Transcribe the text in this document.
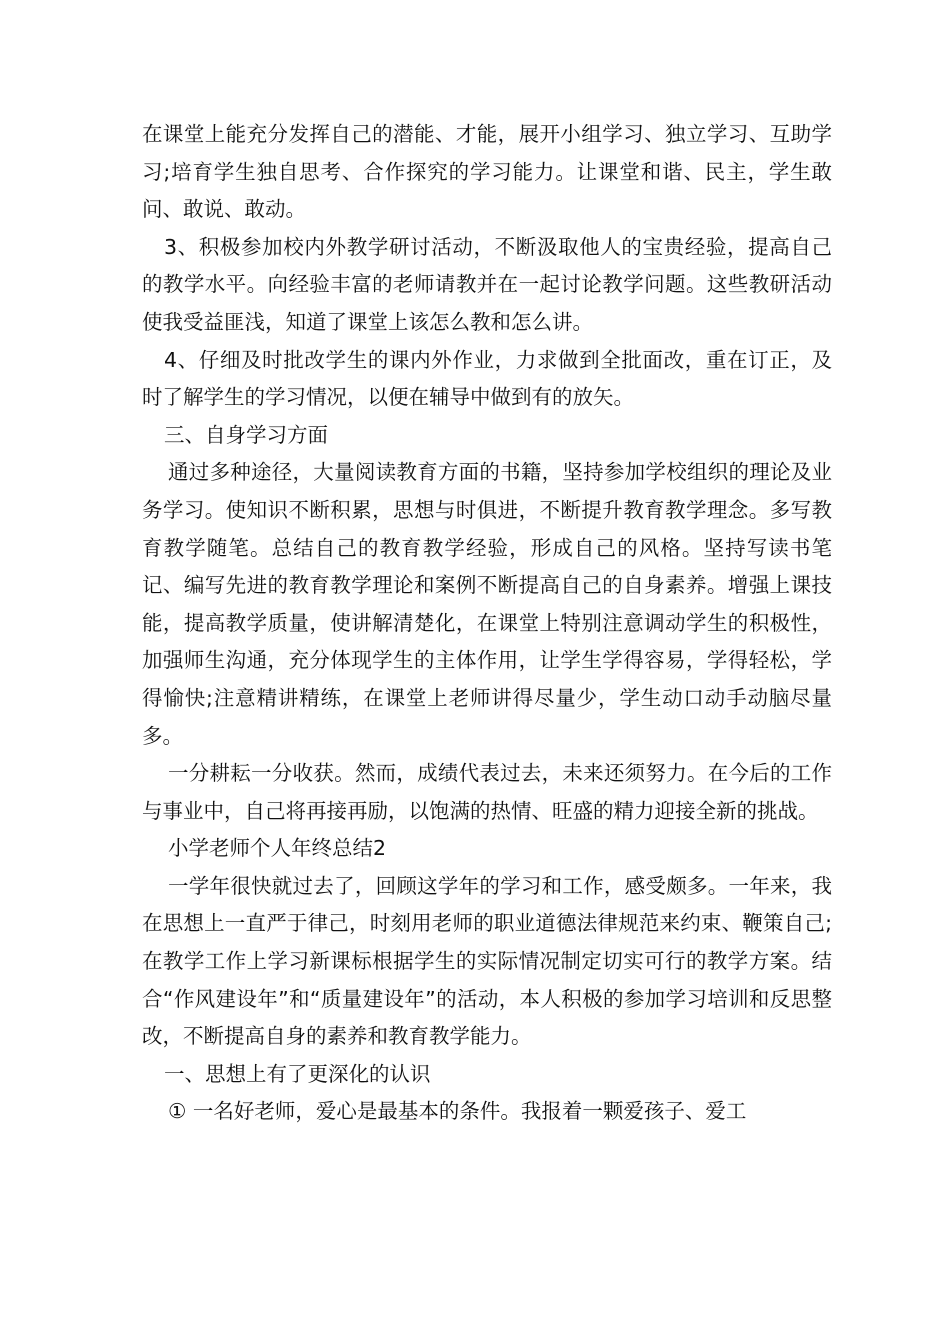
在课堂上能充分发挥自己的潜能、才能，展开小组学习、独立学习、互助学习;培育学生独自思考、合作探究的学习能力。让课堂和谐、民主，学生敢问、敢说、敢动。

3、积极参加校内外教学研讨活动，不断汲取他人的宝贵经验，提高自己的教学水平。向经验丰富的老师请教并在一起讨论教学问题。这些教研活动使我受益匪浅，知道了课堂上该怎么教和怎么讲。

4、仔细及时批改学生的课内外作业，力求做到全批面改，重在订正，及时了解学生的学习情况，以便在辅导中做到有的放矢。

三、自身学习方面

通过多种途径，大量阅读教育方面的书籍，坚持参加学校组织的理论及业务学习。使知识不断积累，思想与时俱进，不断提升教育教学理念。多写教育教学随笔。总结自己的教育教学经验，形成自己的风格。坚持写读书笔记、编写先进的教育教学理论和案例不断提高自己的自身素养。增强上课技能，提高教学质量，使讲解清楚化，在课堂上特别注意调动学生的积极性，加强师生沟通，充分体现学生的主体作用，让学生学得容易，学得轻松，学得愉快;注意精讲精练，在课堂上老师讲得尽量少，学生动口动手动脑尽量多。

一分耕耘一分收获。然而，成绩代表过去，未来还须努力。在今后的工作与事业中，自己将再接再励，以饱满的热情、旺盛的精力迎接全新的挑战。

小学老师个人年终总结2

一学年很快就过去了，回顾这学年的学习和工作，感受颇多。一年来，我在思想上一直严于律己，时刻用老师的职业道德法律规范来约束、鞭策自己;在教学工作上学习新课标根据学生的实际情况制定切实可行的教学方案。结合“作风建设年”和“质量建设年”的活动，本人积极的参加学习培训和反思整改，不断提高自身的素养和教育教学能力。

一、思想上有了更深化的认识

① 一名好老师，爱心是最基本的条件。我报着一颗爱孩子、爱工
